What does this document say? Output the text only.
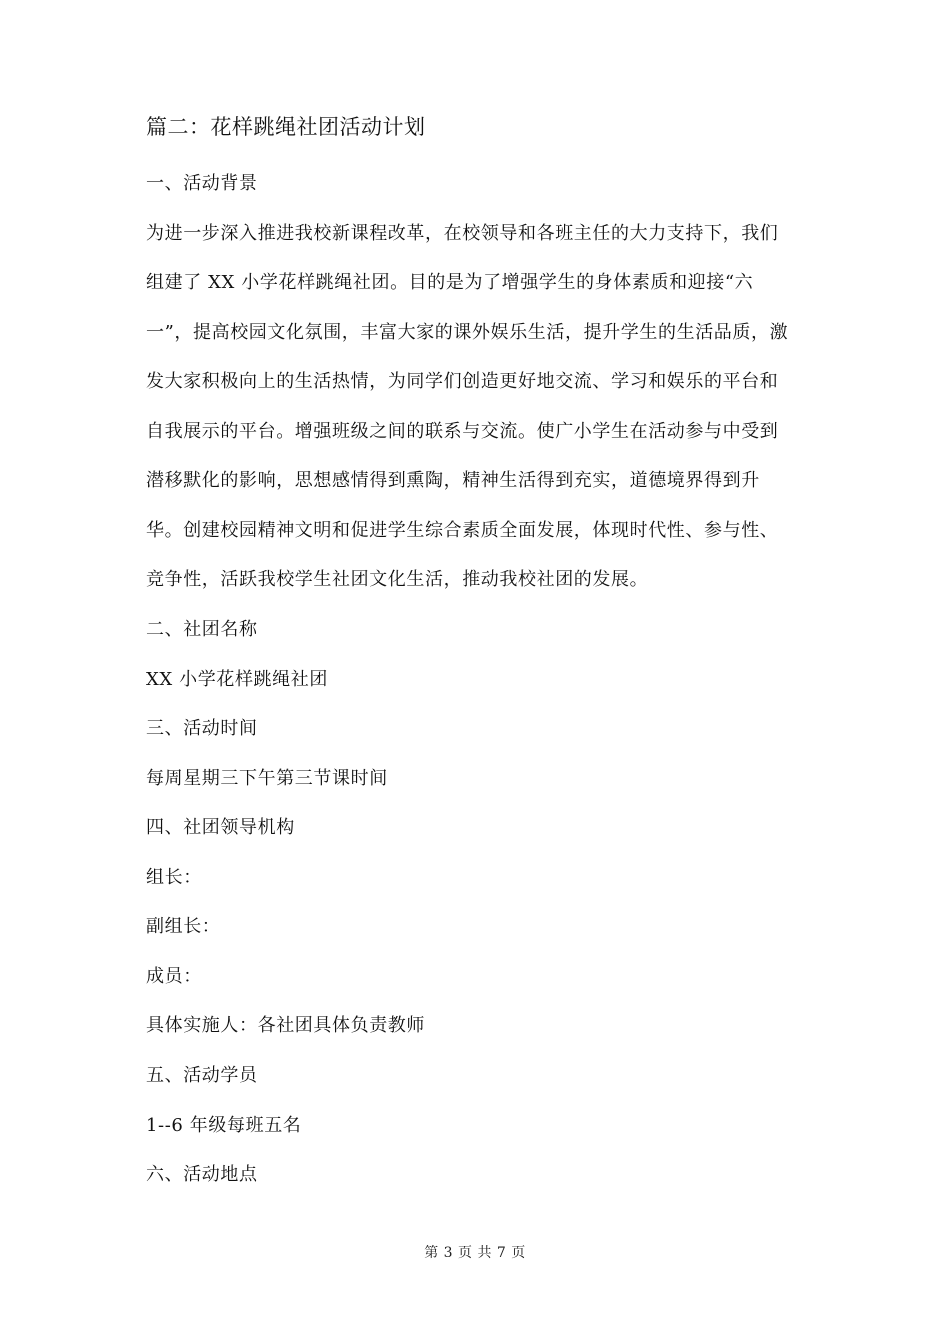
篇二：花样跳绳社团活动计划
一、活动背景
为进一步深入推进我校新课程改革，在校领导和各班主任的大力支持下，我们
组建了 XX 小学花样跳绳社团。目的是为了增强学生的身体素质和迎接“六
一”，提高校园文化氛围，丰富大家的课外娱乐生活，提升学生的生活品质，激
发大家积极向上的生活热情，为同学们创造更好地交流、学习和娱乐的平台和
自我展示的平台。增强班级之间的联系与交流。使广小学生在活动参与中受到
潜移默化的影响，思想感情得到熏陶，精神生活得到充实，道德境界得到升
华。创建校园精神文明和促进学生综合素质全面发展，体现时代性、参与性、
竞争性，活跃我校学生社团文化生活，推动我校社团的发展。
二、社团名称
XX 小学花样跳绳社团
三、活动时间
每周星期三下午第三节课时间
四、社团领导机构
组长：
副组长：
成员：
具体实施人：各社团具体负责教师
五、活动学员
1--6 年级每班五名
六、活动地点
第 3 页 共 7 页
